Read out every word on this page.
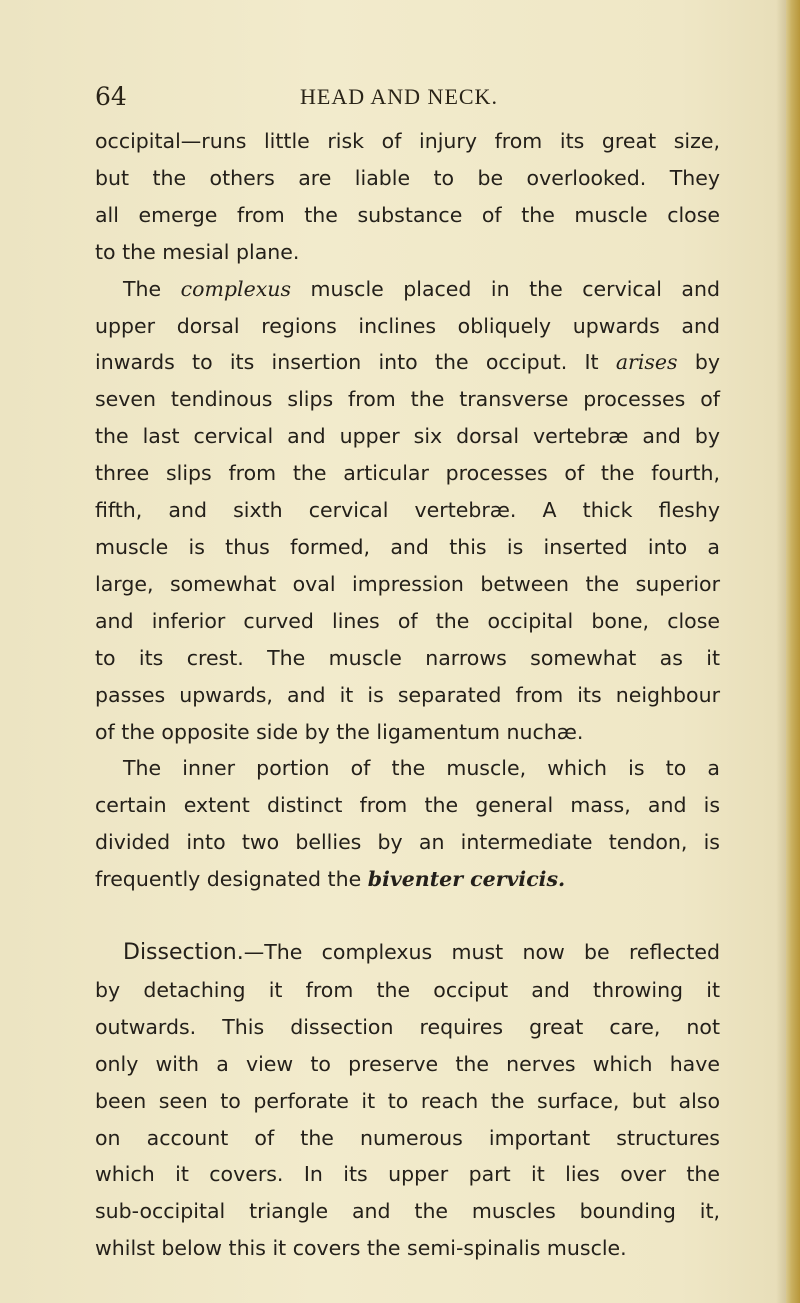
64	HEAD AND NECK.
occipital—runs little risk of injury from its great size,
but the others are liable to be overlooked. They
all emerge from the substance of the muscle close
to the mesial plane.
The complexus muscle placed in the cervical and
upper dorsal regions inclines obliquely upwards and
inwards to its insertion into the occiput. It arises by
seven tendinous slips from the transverse processes of
the last cervical and upper six dorsal vertebræ and by
three slips from the articular processes of the fourth,
fifth, and sixth cervical vertebræ. A thick fleshy
muscle is thus formed, and this is inserted into a
large, somewhat oval impression between the superior
and inferior curved lines of the occipital bone, close
to its crest. The muscle narrows somewhat as it
passes upwards, and it is separated from its neighbour
of the opposite side by the ligamentum nuchæ.
The inner portion of the muscle, which is to a
certain extent distinct from the general mass, and is
divided into two bellies by an intermediate tendon, is
frequently designated the biventer cervicis.
Dissection.—The complexus must now be reflected
by detaching it from the occiput and throwing it
outwards. This dissection requires great care, not
only with a view to preserve the nerves which have
been seen to perforate it to reach the surface, but also
on account of the numerous important structures
which it covers. In its upper part it lies over the
sub-occipital triangle and the muscles bounding it,
whilst below this it covers the semi-spinalis muscle.
